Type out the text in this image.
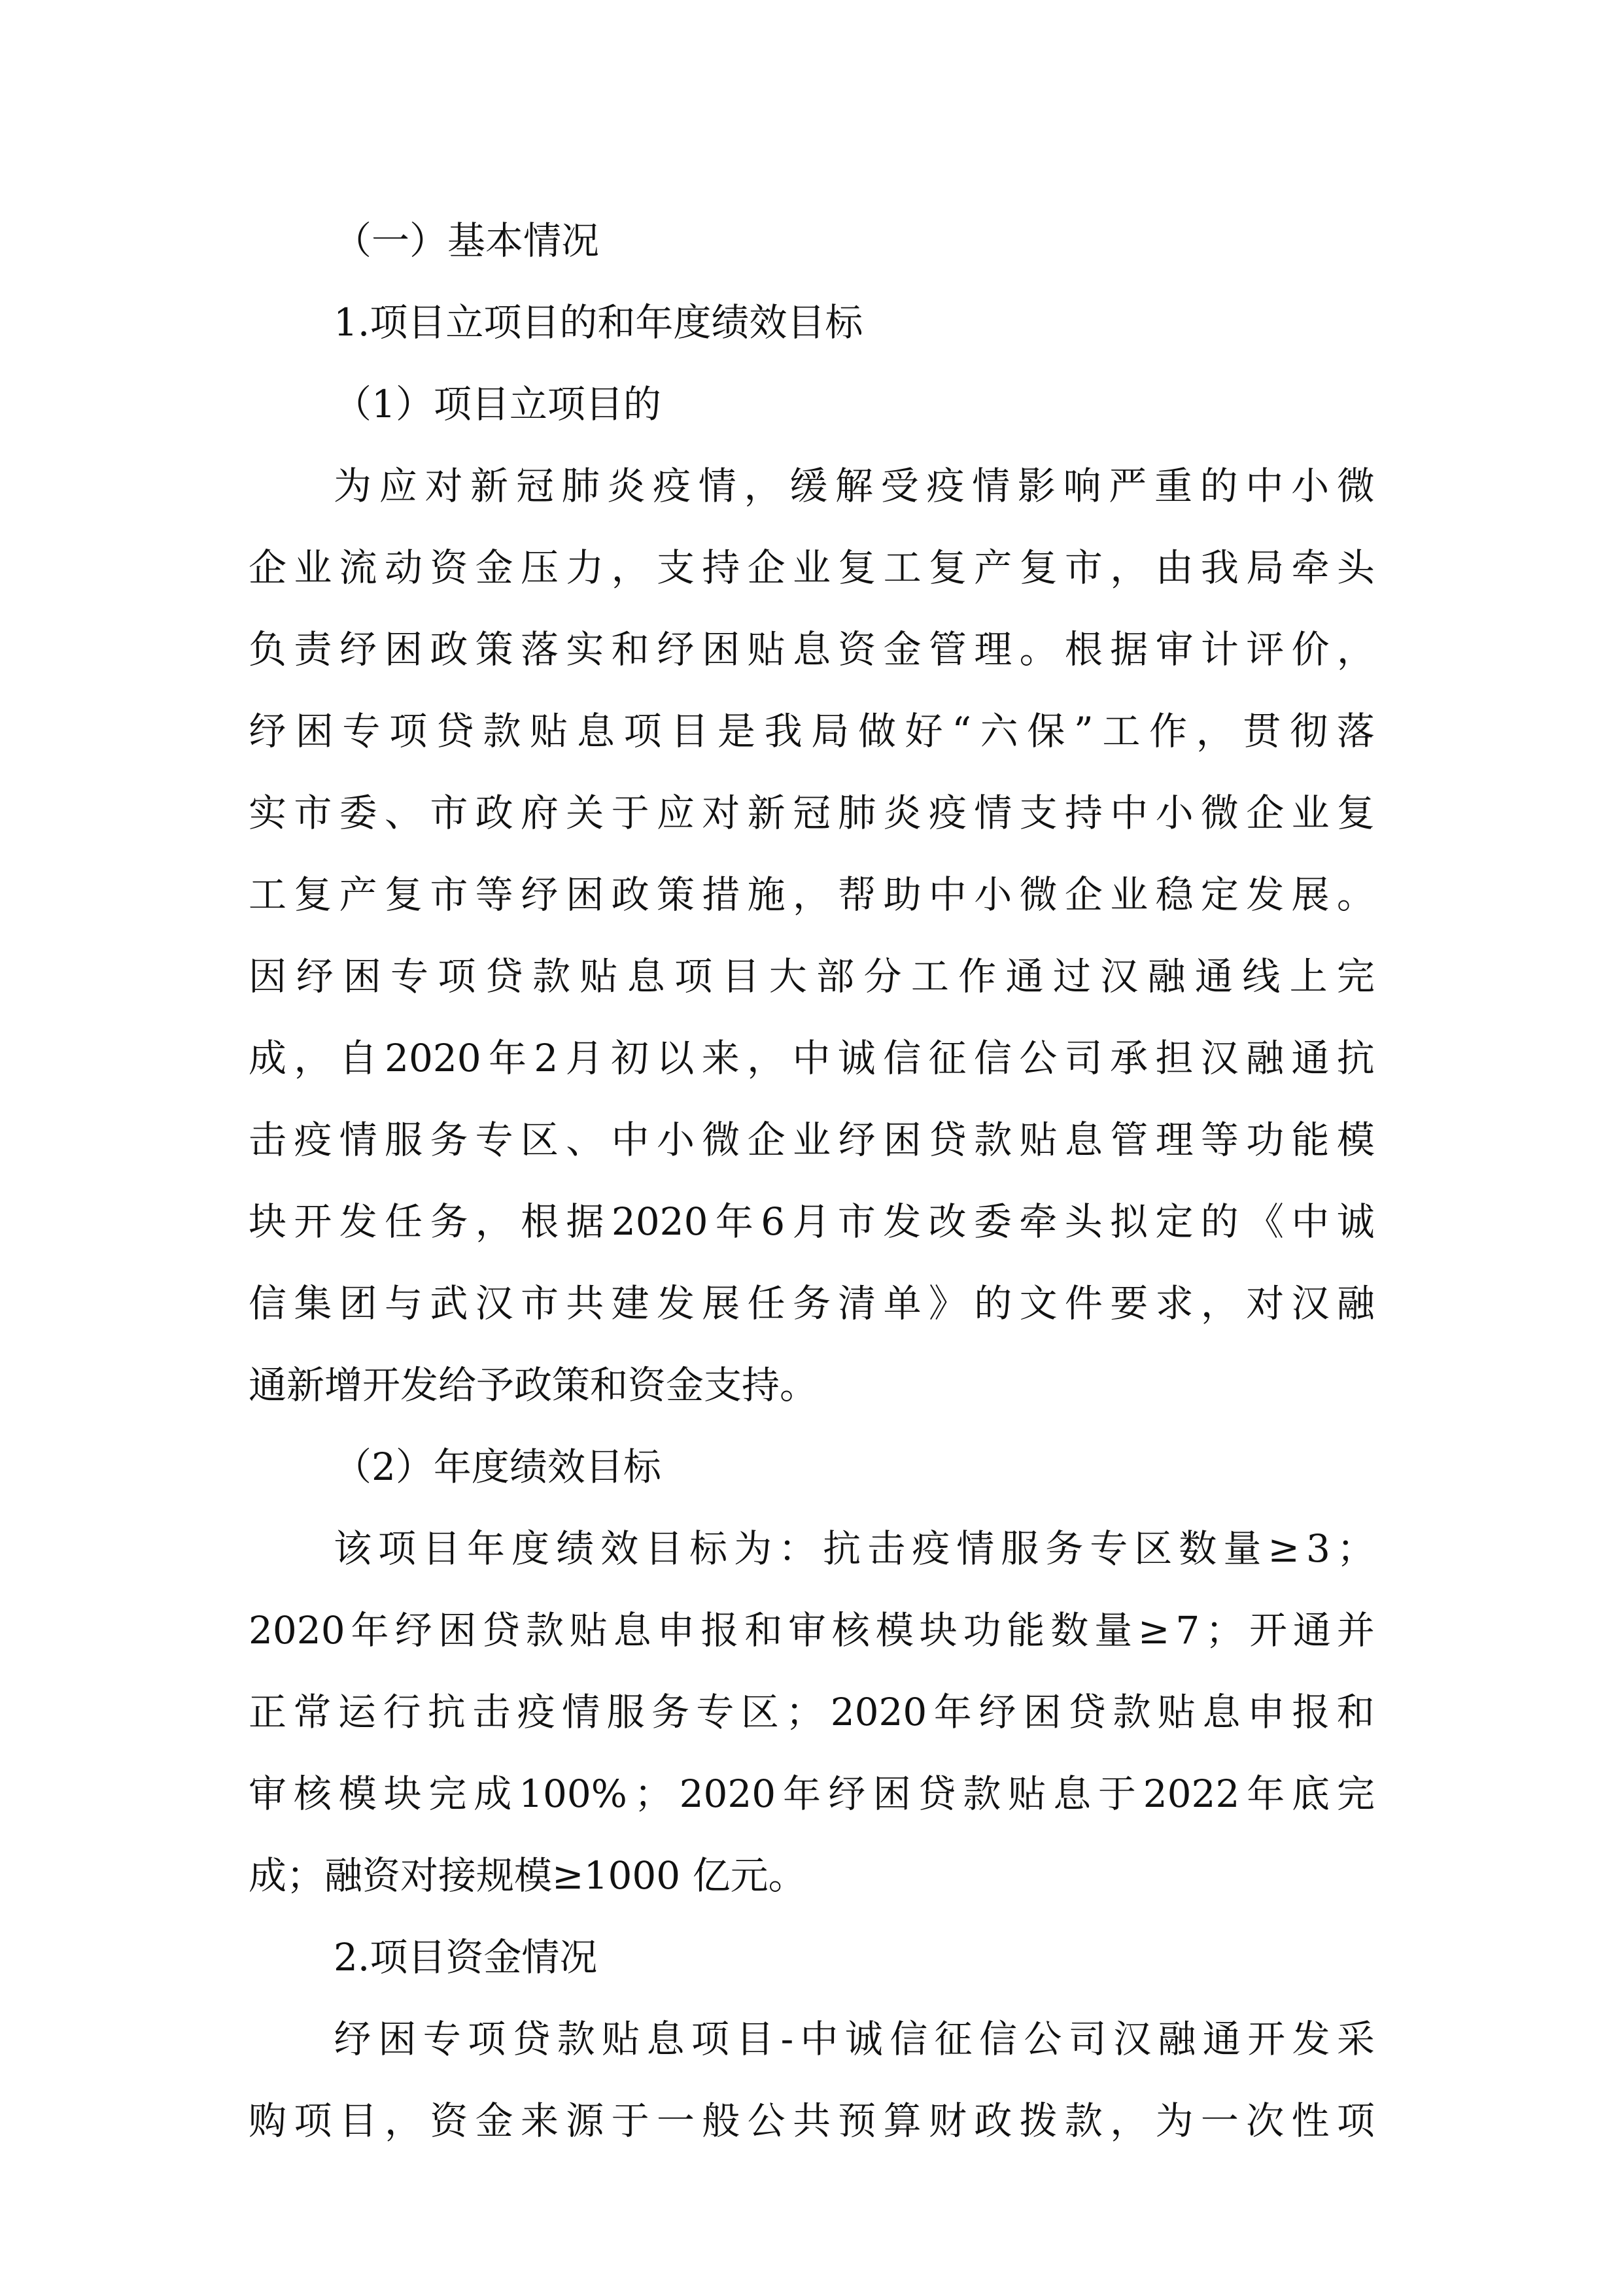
（一）基本情况
1.项目立项目的和年度绩效目标
（1）项目立项目的
为 应 对 新 冠 肺 炎 疫 情 ， 缓 解 受 疫 情 影 响 严 重 的 中 小 微
企 业 流 动 资 金 压 力 ， 支 持 企 业 复 工 复 产 复 市 ， 由 我 局 牵 头
负 责 纾 困 政 策 落 实 和 纾 困 贴 息 资 金 管 理 。 根 据 审 计 评 价 ，
纾 困 专 项 贷 款 贴 息 项 目 是 我 局 做 好 “ 六 保 ” 工 作 ， 贯 彻 落
实 市 委 、 市 政 府 关 于 应 对 新 冠 肺 炎 疫 情 支 持 中 小 微 企 业 复
工 复 产 复 市 等 纾 困 政 策 措 施 ， 帮 助 中 小 微 企 业 稳 定 发 展 。
因 纾 困 专 项 贷 款 贴 息 项 目 大 部 分 工 作 通 过 汉 融 通 线 上 完
成 ， 自 2020 年 2 月 初 以 来 ， 中 诚 信 征 信 公 司 承 担 汉 融 通 抗
击 疫 情 服 务 专 区 、 中 小 微 企 业 纾 困 贷 款 贴 息 管 理 等 功 能 模
块 开 发 任 务 ， 根 据 2020 年 6 月 市 发 改 委 牵 头 拟 定 的 《 中 诚
信 集 团 与 武 汉 市 共 建 发 展 任 务 清 单 》 的 文 件 要 求 ， 对 汉 融
通新增开发给予政策和资金支持。
（2）年度绩效目标
该 项 目 年 度 绩 效 目 标 为 ： 抗 击 疫 情 服 务 专 区 数 量 ≥ 3 ；
2020 年 纾 困 贷 款 贴 息 申 报 和 审 核 模 块 功 能 数 量 ≥ 7 ； 开 通 并
正 常 运 行 抗 击 疫 情 服 务 专 区 ； 2020 年 纾 困 贷 款 贴 息 申 报 和
审 核 模 块 完 成 100% ； 2020 年 纾 困 贷 款 贴 息 于 2022 年 底 完
成；融资对接规模≥1000 亿元。
2.项目资金情况
纾 困 专 项 贷 款 贴 息 项 目 - 中 诚 信 征 信 公 司 汉 融 通 开 发 采
购 项 目 ， 资 金 来 源 于 一 般 公 共 预 算 财 政 拨 款 ， 为 一 次 性 项
